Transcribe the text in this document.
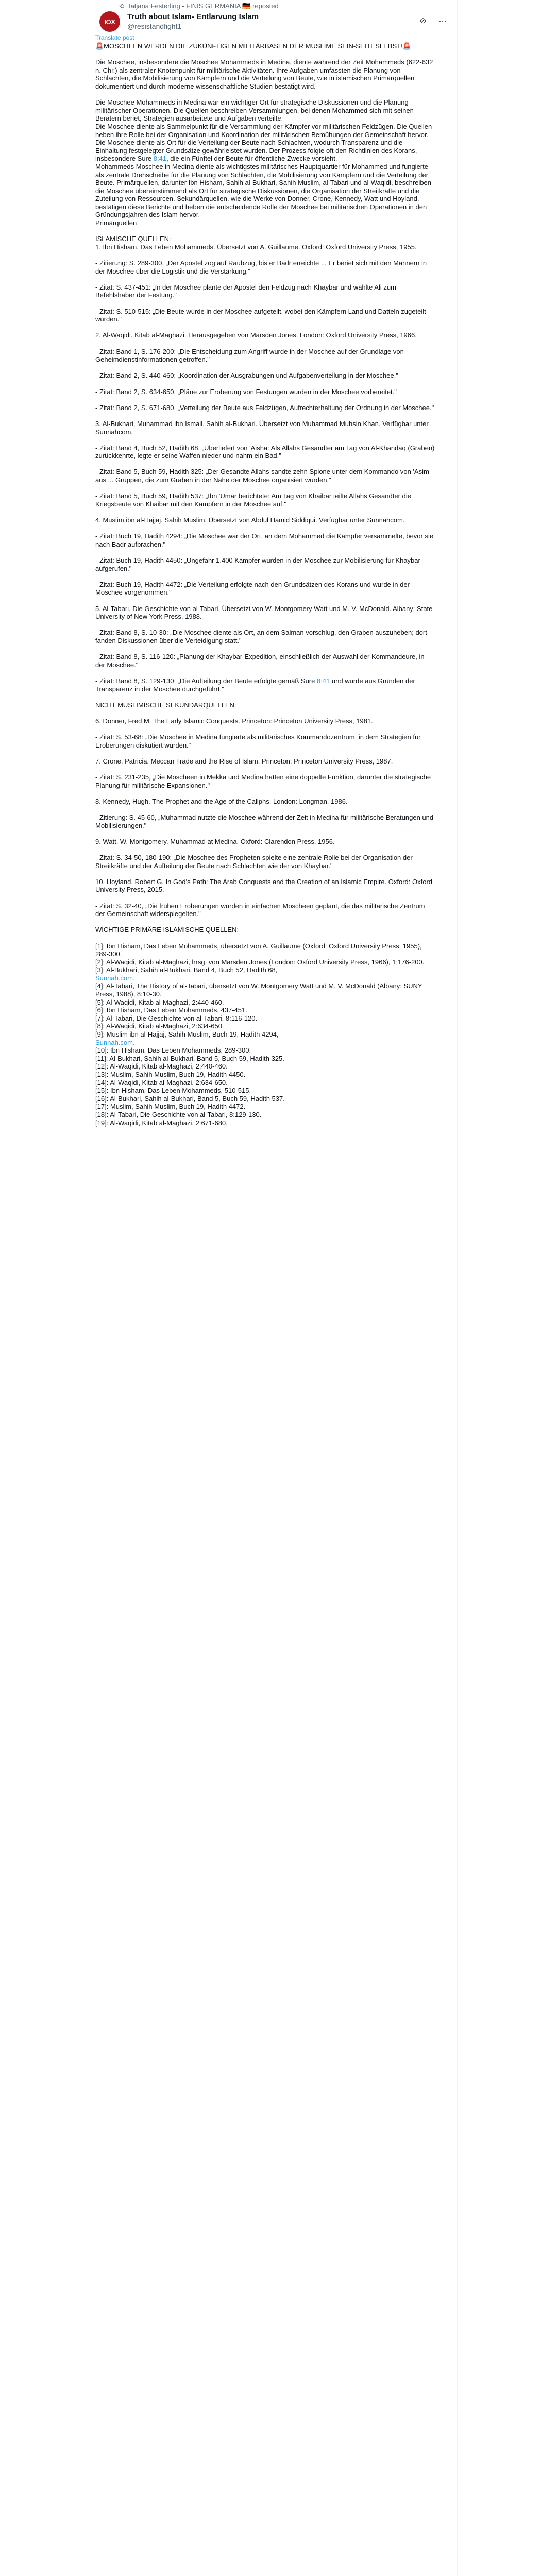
⟲ Tatjana Festerling - FINIS GERMANIA 🇩🇪 reposted
IOX
Truth about Islam- Entlarvung Islam
@resistandfight1
⊘	···
Translate post
🚨MOSCHEEN WERDEN DIE ZUKÜNFTIGEN MILITÄRBASEN DER MUSLIME SEIN-SEHT SELBST!🚨

Die Moschee, insbesondere die Moschee Mohammeds in Medina, diente während der Zeit Mohammeds (622-632 n. Chr.) als zentraler Knotenpunkt für militärische Aktivitäten. Ihre Aufgaben umfassten die Planung von Schlachten, die Mobilisierung von Kämpfern und die Verteilung von Beute, wie in islamischen Primärquellen dokumentiert und durch moderne wissenschaftliche Studien bestätigt wird.

Die Moschee Mohammeds in Medina war ein wichtiger Ort für strategische Diskussionen und die Planung militärischer Operationen. Die Quellen beschreiben Versammlungen, bei denen Mohammed sich mit seinen Beratern beriet, Strategien ausarbeitete und Aufgaben verteilte.
Die Moschee diente als Sammelpunkt für die Versammlung der Kämpfer vor militärischen Feldzügen. Die Quellen heben ihre Rolle bei der Organisation und Koordination der militärischen Bemühungen der Gemeinschaft hervor.
Die Moschee diente als Ort für die Verteilung der Beute nach Schlachten, wodurch Transparenz und die Einhaltung festgelegter Grundsätze gewährleistet wurden. Der Prozess folgte oft den Richtlinien des Korans, insbesondere Sure 8:41, die ein Fünftel der Beute für öffentliche Zwecke vorsieht.
Mohammeds Moschee in Medina diente als wichtigstes militärisches Hauptquartier für Mohammed und fungierte als zentrale Drehscheibe für die Planung von Schlachten, die Mobilisierung von Kämpfern und die Verteilung der Beute. Primärquellen, darunter Ibn Hisham, Sahih al-Bukhari, Sahih Muslim, al-Tabari und al-Waqidi, beschreiben die Moschee übereinstimmend als Ort für strategische Diskussionen, die Organisation der Streitkräfte und die Zuteilung von Ressourcen. Sekundärquellen, wie die Werke von Donner, Crone, Kennedy, Watt und Hoyland, bestätigen diese Berichte und heben die entscheidende Rolle der Moschee bei militärischen Operationen in den Gründungsjahren des Islam hervor.
Primärquellen

ISLAMISCHE QUELLEN:
1. Ibn Hisham. Das Leben Mohammeds. Übersetzt von A. Guillaume. Oxford: Oxford University Press, 1955.

- Zitierung: S. 289-300, „Der Apostel zog auf Raubzug, bis er Badr erreichte ... Er beriet sich mit den Männern in der Moschee über die Logistik und die Verstärkung."

- Zitat: S. 437-451: „In der Moschee plante der Apostel den Feldzug nach Khaybar und wählte Ali zum Befehlshaber der Festung."

- Zitat: S. 510-515: „Die Beute wurde in der Moschee aufgeteilt, wobei den Kämpfern Land und Datteln zugeteilt wurden."

2. Al-Waqidi. Kitab al-Maghazi. Herausgegeben von Marsden Jones. London: Oxford University Press, 1966.

- Zitat: Band 1, S. 176-200: „Die Entscheidung zum Angriff wurde in der Moschee auf der Grundlage von Geheimdienstinformationen getroffen."

- Zitat: Band 2, S. 440-460: „Koordination der Ausgrabungen und Aufgabenverteilung in der Moschee."

- Zitat: Band 2, S. 634-650, „Pläne zur Eroberung von Festungen wurden in der Moschee vorbereitet."

- Zitat: Band 2, S. 671-680, „Verteilung der Beute aus Feldzügen, Aufrechterhaltung der Ordnung in der Moschee."

3. Al-Bukhari, Muhammad ibn Ismail. Sahih al-Bukhari. Übersetzt von Muhammad Muhsin Khan. Verfügbar unter Sunnahcom.

- Zitat: Band 4, Buch 52, Hadith 68, „Überliefert von 'Aisha: Als Allahs Gesandter am Tag von Al-Khandaq (Graben) zurückkehrte, legte er seine Waffen nieder und nahm ein Bad."

- Zitat: Band 5, Buch 59, Hadith 325: „Der Gesandte Allahs sandte zehn Spione unter dem Kommando von 'Asim aus ... Gruppen, die zum Graben in der Nähe der Moschee organisiert wurden."

- Zitat: Band 5, Buch 59, Hadith 537: „Ibn 'Umar berichtete: Am Tag von Khaibar teilte Allahs Gesandter die Kriegsbeute von Khaibar mit den Kämpfern in der Moschee auf."

4. Muslim ibn al-Hajjaj. Sahih Muslim. Übersetzt von Abdul Hamid Siddiqui. Verfügbar unter Sunnahcom.

- Zitat: Buch 19, Hadith 4294: „Die Moschee war der Ort, an dem Mohammed die Kämpfer versammelte, bevor sie nach Badr aufbrachen."

- Zitat: Buch 19, Hadith 4450: „Ungefähr 1.400 Kämpfer wurden in der Moschee zur Mobilisierung für Khaybar aufgerufen."

- Zitat: Buch 19, Hadith 4472: „Die Verteilung erfolgte nach den Grundsätzen des Korans und wurde in der Moschee vorgenommen."

5. Al-Tabari. Die Geschichte von al-Tabari. Übersetzt von W. Montgomery Watt und M. V. McDonald. Albany: State University of New York Press, 1988.

- Zitat: Band 8, S. 10-30: „Die Moschee diente als Ort, an dem Salman vorschlug, den Graben auszuheben; dort fanden Diskussionen über die Verteidigung statt."

- Zitat: Band 8, S. 116-120: „Planung der Khaybar-Expedition, einschließlich der Auswahl der Kommandeure, in der Moschee."

- Zitat: Band 8, S. 129-130: „Die Aufteilung der Beute erfolgte gemäß Sure 8:41 und wurde aus Gründen der Transparenz in der Moschee durchgeführt."

NICHT MUSLIMISCHE SEKUNDARQUELLEN:

6. Donner, Fred M. The Early Islamic Conquests. Princeton: Princeton University Press, 1981.

- Zitat: S. 53-68: „Die Moschee in Medina fungierte als militärisches Kommandozentrum, in dem Strategien für Eroberungen diskutiert wurden."

7. Crone, Patricia. Meccan Trade and the Rise of Islam. Princeton: Princeton University Press, 1987.

- Zitat: S. 231-235, „Die Moscheen in Mekka und Medina hatten eine doppelte Funktion, darunter die strategische Planung für militärische Expansionen."

8. Kennedy, Hugh. The Prophet and the Age of the Caliphs. London: Longman, 1986.

- Zitierung: S. 45-60, „Muhammad nutzte die Moschee während der Zeit in Medina für militärische Beratungen und Mobilisierungen."

9. Watt, W. Montgomery. Muhammad at Medina. Oxford: Clarendon Press, 1956.

- Zitat: S. 34-50, 180-190: „Die Moschee des Propheten spielte eine zentrale Rolle bei der Organisation der Streitkräfte und der Aufteilung der Beute nach Schlachten wie der von Khaybar."

10. Hoyland, Robert G. In God's Path: The Arab Conquests and the Creation of an Islamic Empire. Oxford: Oxford University Press, 2015.

- Zitat: S. 32-40, „Die frühen Eroberungen wurden in einfachen Moscheen geplant, die das militärische Zentrum der Gemeinschaft widerspiegelten."

WICHTIGE PRIMÄRE ISLAMISCHE QUELLEN:

[1]: Ibn Hisham, Das Leben Mohammeds, übersetzt von A. Guillaume (Oxford: Oxford University Press, 1955), 289-300.
[2]: Al-Waqidi, Kitab al-Maghazi, hrsg. von Marsden Jones (London: Oxford University Press, 1966), 1:176-200.
[3]: Al-Bukhari, Sahih al-Bukhari, Band 4, Buch 52, Hadith 68,
Sunnah.com.
[4]: Al-Tabari, The History of al-Tabari, übersetzt von W. Montgomery Watt und M. V. McDonald (Albany: SUNY Press, 1988), 8:10-30.
[5]: Al-Waqidi, Kitab al-Maghazi, 2:440-460.
[6]: Ibn Hisham, Das Leben Mohammeds, 437-451.
[7]: Al-Tabari, Die Geschichte von al-Tabari, 8:116-120.
[8]: Al-Waqidi, Kitab al-Maghazi, 2:634-650.
[9]: Muslim ibn al-Hajjaj, Sahih Muslim, Buch 19, Hadith 4294,
Sunnah.com.
[10]: Ibn Hisham, Das Leben Mohammeds, 289-300.
[11]: Al-Bukhari, Sahih al-Bukhari, Band 5, Buch 59, Hadith 325.
[12]: Al-Waqidi, Kitab al-Maghazi, 2:440-460.
[13]: Muslim, Sahih Muslim, Buch 19, Hadith 4450.
[14]: Al-Waqidi, Kitab al-Maghazi, 2:634-650.
[15]: Ibn Hisham, Das Leben Mohammeds, 510-515.
[16]: Al-Bukhari, Sahih al-Bukhari, Band 5, Buch 59, Hadith 537.
[17]: Muslim, Sahih Muslim, Buch 19, Hadith 4472.
[18]: Al-Tabari, Die Geschichte von al-Tabari, 8:129-130.
[19]: Al-Waqidi, Kitab al-Maghazi, 2:671-680.
